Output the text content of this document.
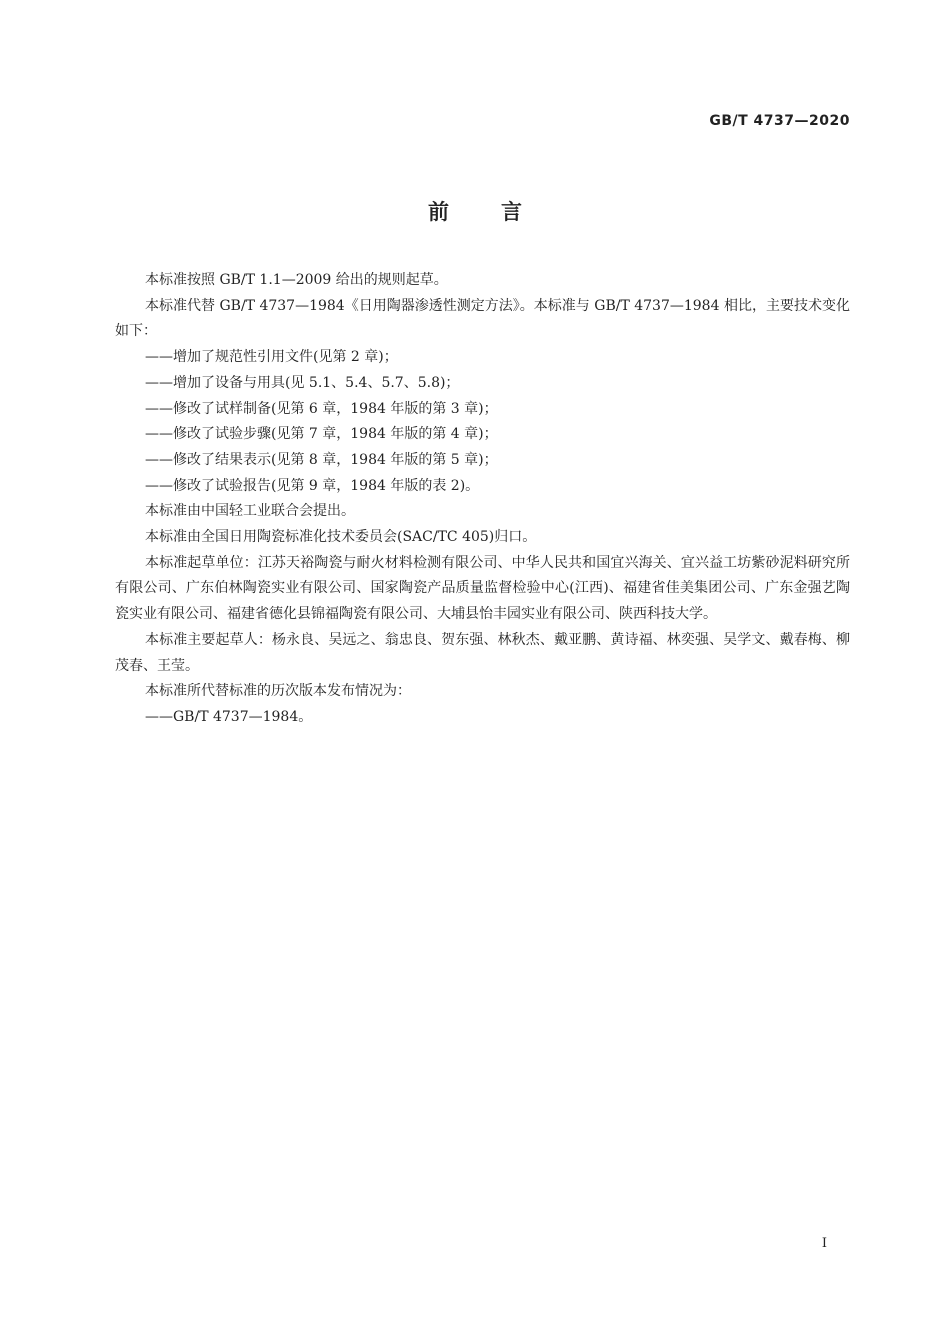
GB/T 4737—2020
前言

本标准按照 GB/T 1.1—2009 给出的规则起草。

本标准代替 GB/T 4737—1984《日用陶器渗透性测定方法》。本标准与 GB/T 4737—1984 相比，主要技术变化如下：

——增加了规范性引用文件(见第 2 章)；

——增加了设备与用具(见 5.1、5.4、5.7、5.8)；

——修改了试样制备(见第 6 章，1984 年版的第 3 章)；

——修改了试验步骤(见第 7 章，1984 年版的第 4 章)；

——修改了结果表示(见第 8 章，1984 年版的第 5 章)；

——修改了试验报告(见第 9 章，1984 年版的表 2)。

本标准由中国轻工业联合会提出。

本标准由全国日用陶瓷标准化技术委员会(SAC/TC 405)归口。

本标准起草单位：江苏天裕陶瓷与耐火材料检测有限公司、中华人民共和国宜兴海关、宜兴益工坊紫砂泥料研究所有限公司、广东伯林陶瓷实业有限公司、国家陶瓷产品质量监督检验中心(江西)、福建省佳美集团公司、广东金强艺陶瓷实业有限公司、福建省德化县锦福陶瓷有限公司、大埔县怡丰园实业有限公司、陕西科技大学。

本标准主要起草人：杨永良、吴远之、翁忠良、贺东强、林秋杰、戴亚鹏、黄诗福、林奕强、吴学文、戴春梅、柳茂春、王莹。

本标准所代替标准的历次版本发布情况为：

——GB/T 4737—1984。

I
